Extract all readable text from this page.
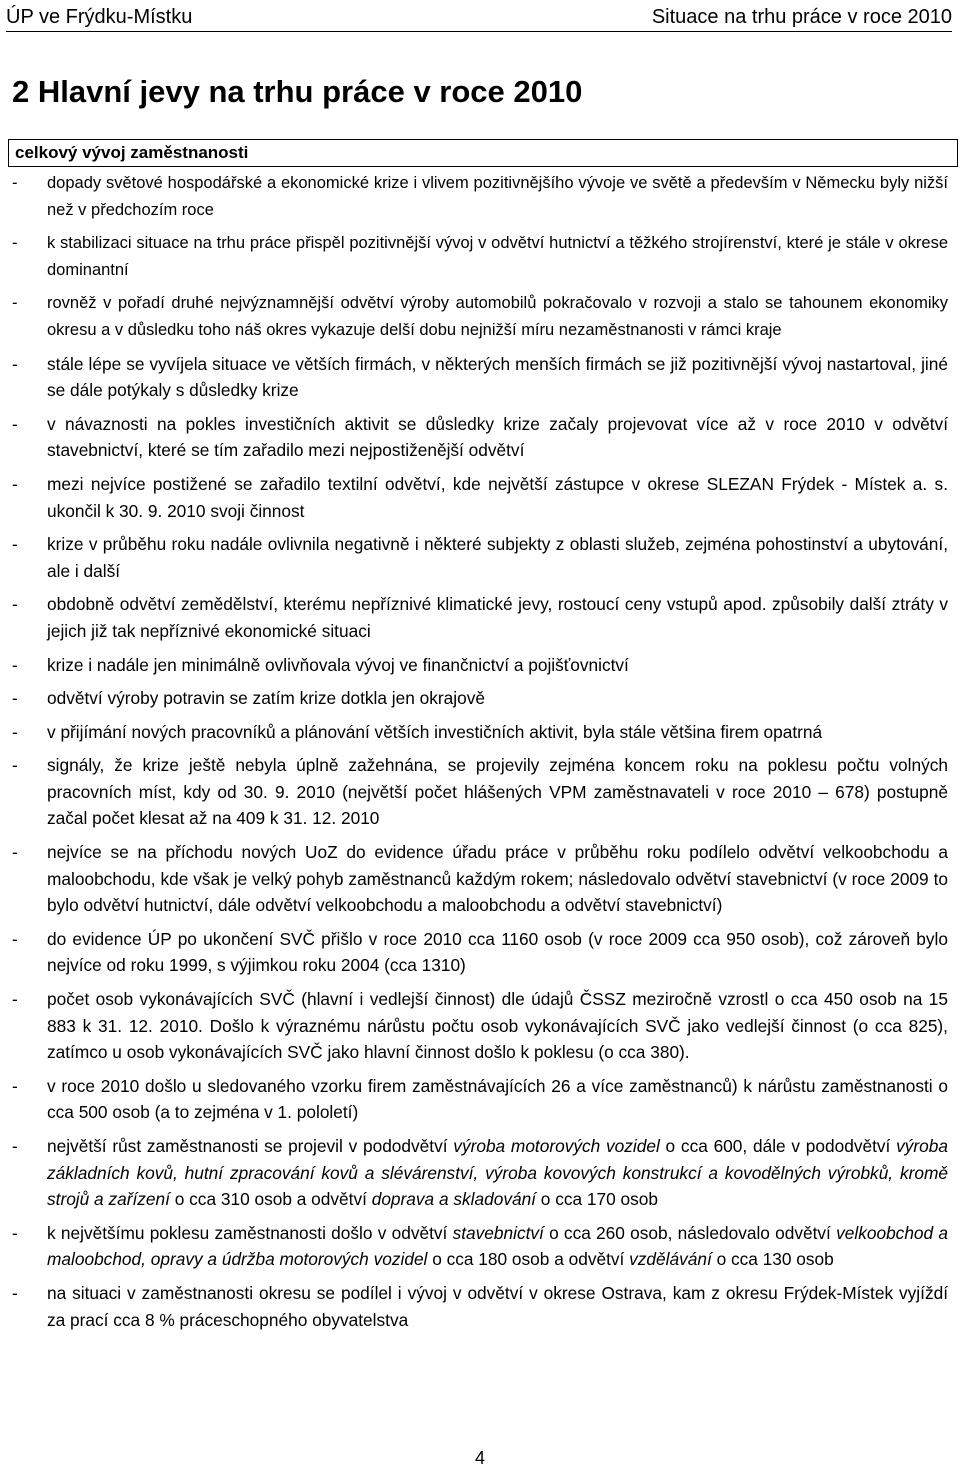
ÚP ve Frýdku-Místku	Situace na trhu práce v roce 2010
2 Hlavní jevy na trhu práce v roce 2010
celkový vývoj zaměstnanosti
-	dopady světové hospodářské a ekonomické krize i vlivem pozitivnějšího vývoje ve světě a především v Německu byly nižší než v předchozím roce
-	k stabilizaci situace na trhu práce přispěl pozitivnější vývoj v odvětví hutnictví a těžkého strojírenství, které je stále v okrese dominantní
-	rovněž v pořadí druhé nejvýznamnější odvětví výroby automobilů pokračovalo v rozvoji a stalo se tahounem ekonomiky okresu a v důsledku toho náš okres vykazuje delší dobu nejnižší míru nezaměstnanosti v rámci kraje
-	stále lépe se vyvíjela situace ve větších firmách, v některých menších firmách se již pozitivnější vývoj nastartoval, jiné se dále potýkaly s důsledky krize
-	v návaznosti na pokles investičních aktivit se důsledky krize začaly projevovat více až v roce 2010 v odvětví stavebnictví, které se tím zařadilo mezi nejpostiženější odvětví
-	mezi nejvíce postižené se zařadilo textilní odvětví, kde největší zástupce v okrese SLEZAN Frýdek - Místek a. s. ukončil k 30. 9. 2010 svoji činnost
-	krize v průběhu roku nadále ovlivnila negativně i některé subjekty z oblasti služeb, zejména pohostinství a ubytování, ale i další
-	obdobně odvětví zemědělství, kterému nepříznivé klimatické jevy, rostoucí ceny vstupů apod. způsobily další ztráty v jejich již tak nepříznivé ekonomické situaci
-	krize i nadále jen minimálně ovlivňovala vývoj ve finančnictví a pojišťovnictví
-	odvětví výroby potravin se zatím krize dotkla jen okrajově
-	v přijímání nových pracovníků a plánování větších investičních aktivit, byla stále většina firem opatrná
-	signály, že krize ještě nebyla úplně zažehnána, se projevily zejména koncem roku na poklesu počtu volných pracovních míst, kdy od 30. 9. 2010 (největší počet hlášených VPM zaměstnavateli v roce 2010 – 678) postupně začal počet klesat až na 409 k 31. 12. 2010
-	nejvíce se na příchodu nových UoZ do evidence úřadu práce v průběhu roku podílelo odvětví velkoobchodu a maloobchodu, kde však je velký pohyb zaměstnanců každým rokem; následovalo odvětví stavebnictví (v roce 2009 to bylo odvětví hutnictví, dále odvětví velkoobchodu a maloobchodu a odvětví stavebnictví)
-	do evidence ÚP po ukončení SVČ přišlo v roce 2010 cca 1160 osob (v roce 2009 cca 950 osob), což zároveň bylo nejvíce od roku 1999, s výjimkou roku 2004 (cca 1310)
-	počet osob vykonávajících SVČ (hlavní i vedlejší činnost) dle údajů ČSSZ meziročně vzrostl o cca 450 osob na 15 883 k 31. 12. 2010. Došlo k výraznému nárůstu počtu osob vykonávajících SVČ jako vedlejší činnost (o cca 825), zatímco u osob vykonávajících SVČ jako hlavní činnost došlo k poklesu (o cca 380).
-	v roce 2010 došlo u sledovaného vzorku firem zaměstnávajících 26 a více zaměstnanců) k nárůstu zaměstnanosti o cca 500 osob (a to zejména v 1. pololetí)
-	největší růst zaměstnanosti se projevil v pododvětví výroba motorových vozidel o cca 600, dále v pododvětví výroba základních kovů, hutní zpracování kovů a slévárenství, výroba kovových konstrukcí a kovodělných výrobků, kromě strojů a zařízení o cca 310 osob a odvětví doprava a skladování o cca 170 osob
-	k největšímu poklesu zaměstnanosti došlo v odvětví stavebnictví o cca 260 osob, následovalo odvětví velkoobchod a maloobchod, opravy a údržba motorových vozidel o cca 180 osob a odvětví vzdělávání o cca 130 osob
-	na situaci v zaměstnanosti okresu se podílel i vývoj v odvětví v okrese Ostrava, kam z okresu Frýdek-Místek vyjíždí za prací cca 8 % práceschopného obyvatelstva
4
